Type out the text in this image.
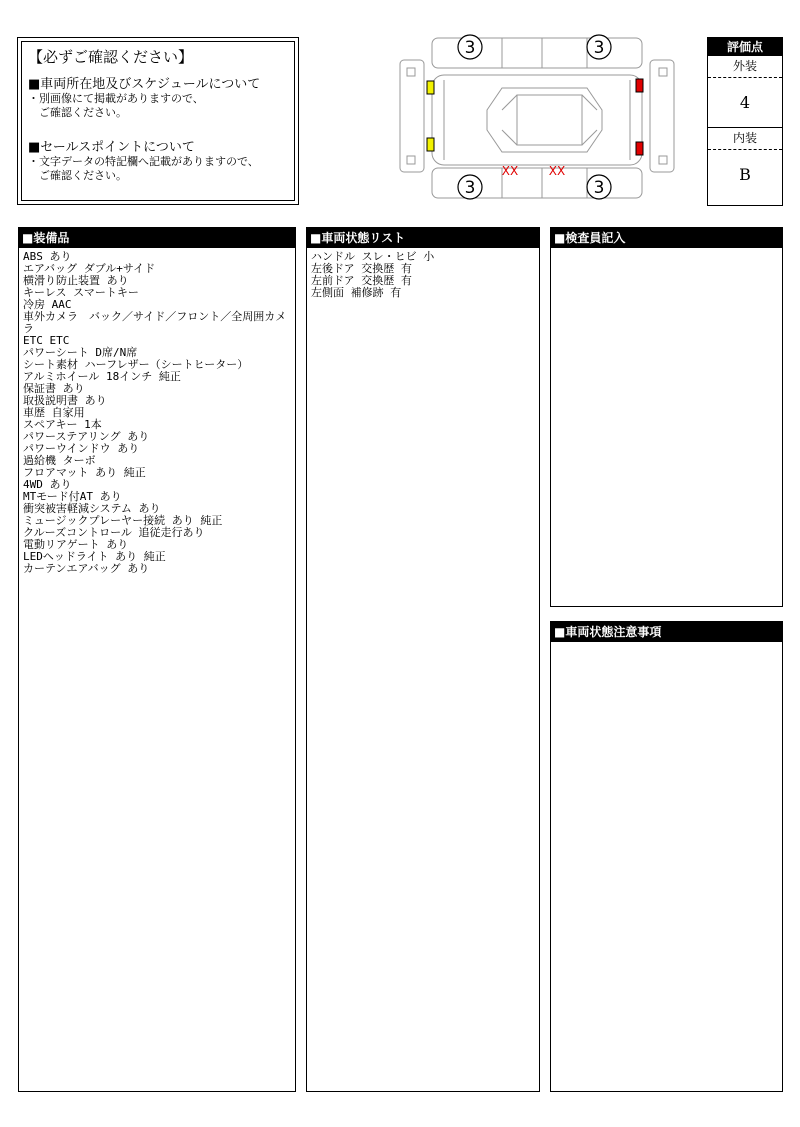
【必ずご確認ください】
■車両所在地及びスケジュールについて
・別画像にて掲載がありますので、
　ご確認ください。
■セールスポイントについて
・文字データの特記欄へ記載がありますので、
　ご確認ください。
3	3
3	3
XX	XX
評価点
外装
4
内装
B
■装備品
ABS あり
エアバッグ ダブル+サイド
横滑り防止装置 あり
キーレス スマートキー
冷房 AAC
車外カメラ　バック／サイド／フロント／全周囲カメラ
ETC ETC
パワーシート D席/N席
シート素材 ハーフレザー（シートヒーター）
アルミホイール 18インチ 純正
保証書 あり
取扱説明書 あり
車歴 自家用
スペアキー 1本
パワーステアリング あり
パワーウインドウ あり
過給機 ターボ
フロアマット あり 純正
4WD あり
MTモード付AT あり
衝突被害軽減システム あり
ミュージックプレーヤー接続 あり 純正
クルーズコントロール 追従走行あり
電動リアゲート あり
LEDヘッドライト あり 純正
カーテンエアバッグ あり
■車両状態リスト
ハンドル スレ・ヒビ 小
左後ドア 交換歴 有
左前ドア 交換歴 有
左側面 補修跡 有
■検査員記入
■車両状態注意事項
